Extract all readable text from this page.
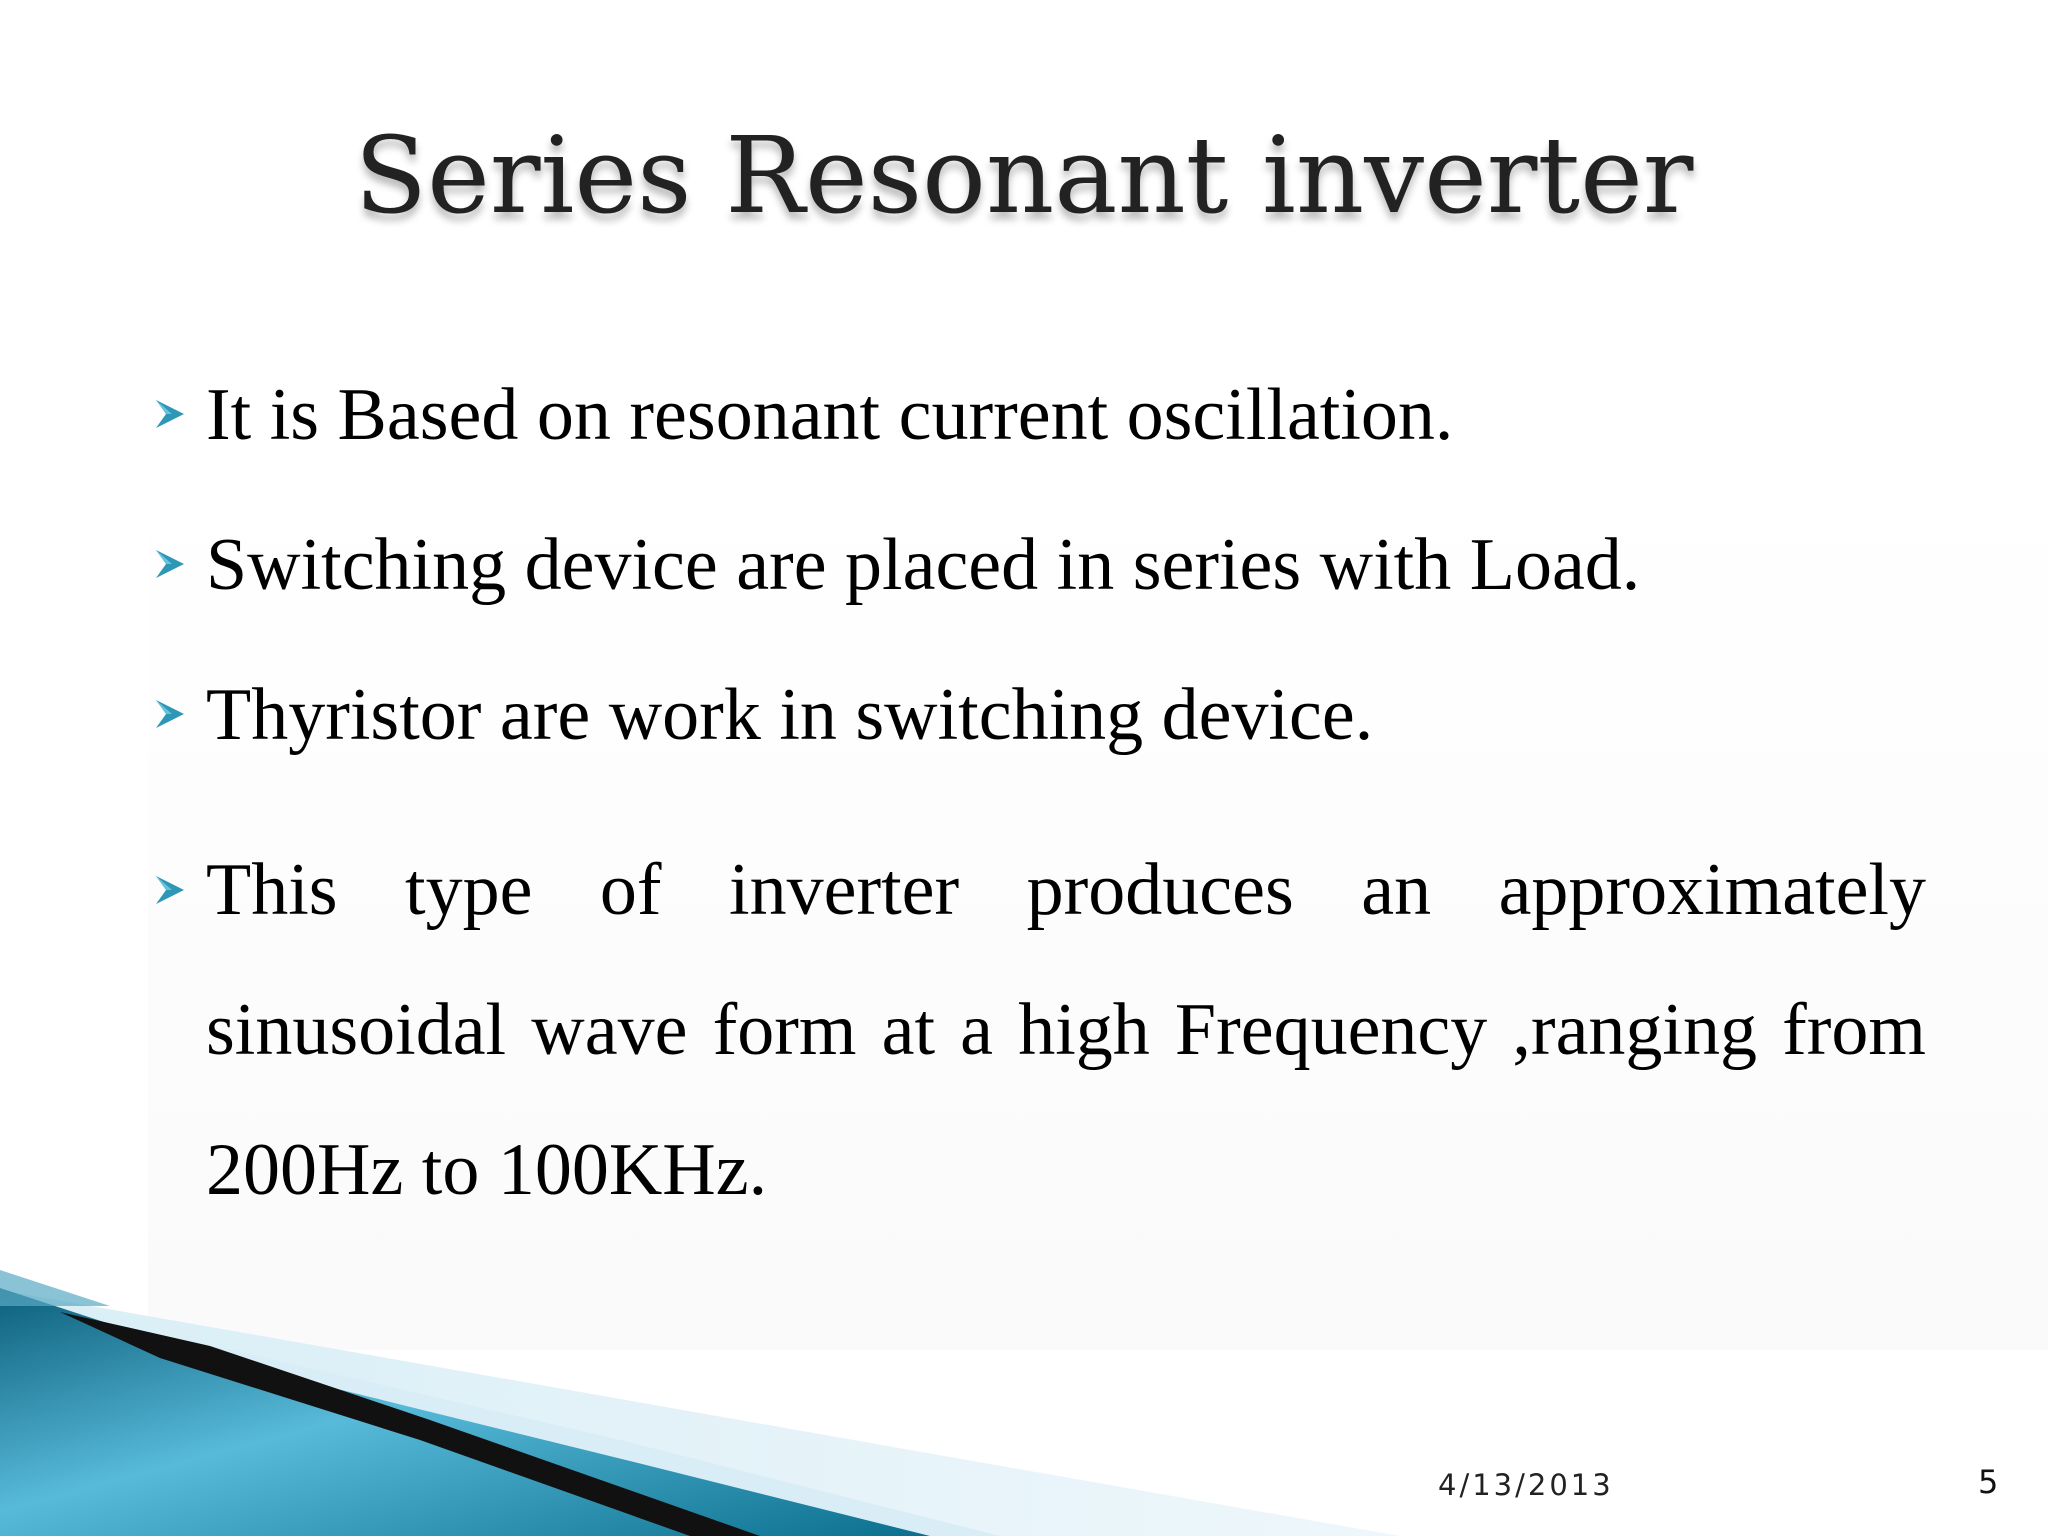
Series Resonant inverter
It is Based on resonant current oscillation.
Switching device are placed in series with Load.
Thyristor are work in switching device.
This type of inverter produces an approximately sinusoidal wave form at a high Frequency ,ranging from 200Hz to 100KHz.
4/13/2013	5
